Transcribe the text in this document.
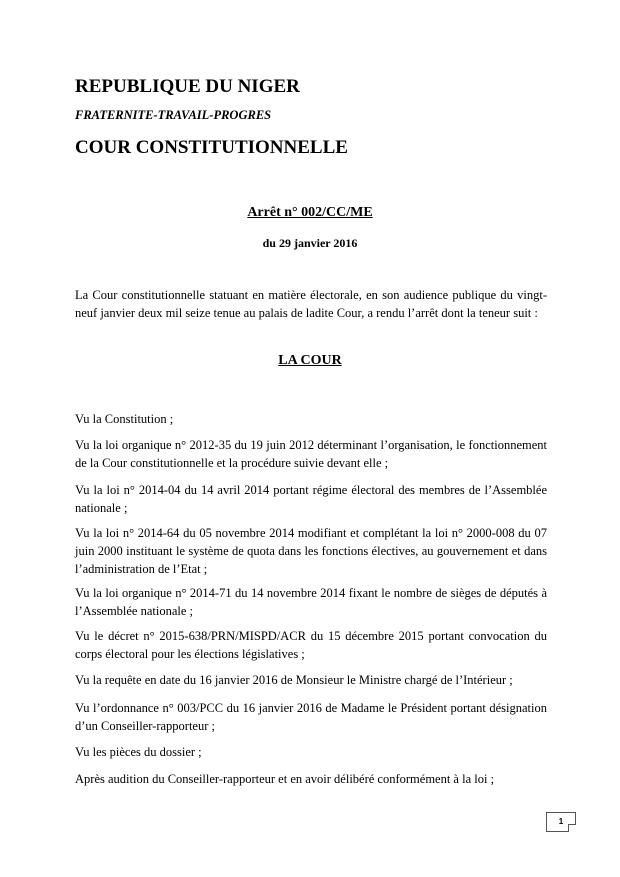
REPUBLIQUE DU NIGER
FRATERNITE-TRAVAIL-PROGRES
COUR CONSTITUTIONNELLE
Arrêt n° 002/CC/ME
du 29 janvier 2016
La Cour constitutionnelle statuant en matière électorale, en son audience publique du vingt-neuf janvier deux mil seize tenue au palais de ladite Cour, a rendu l’arrêt dont la teneur suit :
LA COUR
Vu la Constitution ;
Vu la loi organique n° 2012-35 du 19 juin 2012 déterminant l’organisation, le fonctionnement de la Cour constitutionnelle et la procédure suivie devant elle ;
Vu la loi n° 2014-04 du 14 avril 2014 portant régime électoral des membres de l’Assemblée nationale ;
Vu la loi n° 2014-64 du 05 novembre 2014 modifiant et complétant la loi n° 2000-008 du 07 juin 2000 instituant le système de quota dans les fonctions électives, au gouvernement et dans l’administration de l’Etat ;
Vu la loi organique n° 2014-71 du 14 novembre 2014 fixant le nombre de sièges de députés à l’Assemblée nationale ;
Vu le décret n° 2015-638/PRN/MISPD/ACR du 15 décembre 2015 portant convocation du corps électoral pour les élections législatives ;
Vu la requête en date du 16 janvier 2016 de Monsieur le Ministre chargé de l’Intérieur ;
Vu l’ordonnance n° 003/PCC du 16 janvier 2016 de Madame le Président portant désignation d’un Conseiller-rapporteur ;
Vu les pièces du dossier ;
Après audition du Conseiller-rapporteur et en avoir délibéré conformément à la loi ;
1
